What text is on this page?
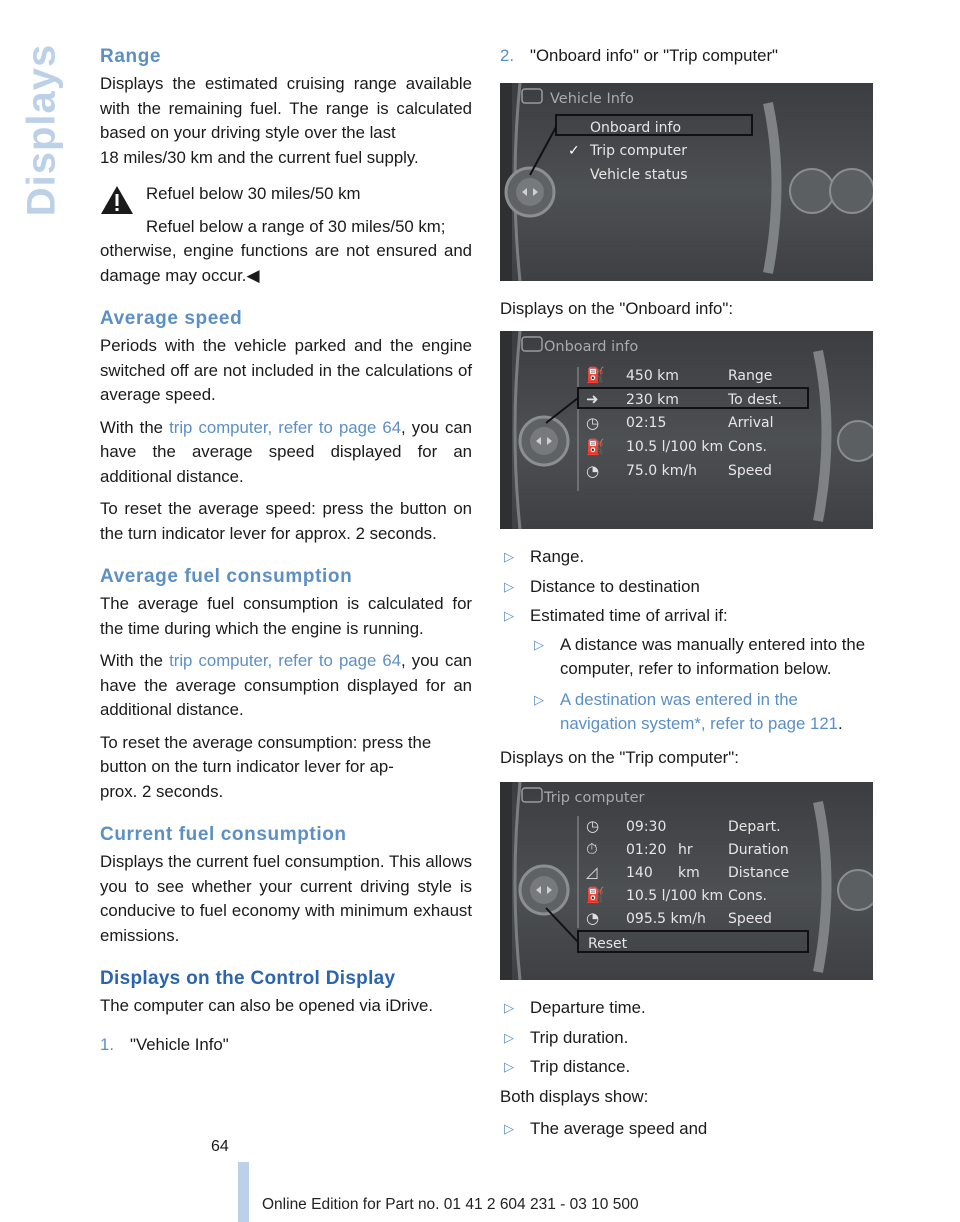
Displays Range

Displays the estimated cruising range available with the remaining fuel. The range is calculated based on your driving style over the last
18 miles/30 km and the current fuel supply.

Refuel below 30 miles/50 km

Refuel below a range of 30 miles/50 km;

otherwise, engine functions are not ensured and damage may occur.◀

Average speed

Periods with the vehicle parked and the engine switched off are not included in the calculations of average speed.

With the trip computer, refer to page 64, you can have the average speed displayed for an additional distance.

To reset the average speed: press the button on the turn indicator lever for approx. 2 seconds.

Average fuel consumption

The average fuel consumption is calculated for the time during which the engine is running.

With the trip computer, refer to page 64, you can have the average consumption displayed for an additional distance.

To reset the average consumption: press the button on the turn indicator lever for ap-
prox. 2 seconds.

Current fuel consumption

Displays the current fuel consumption. This allows you to see whether your current driving style is conducive to fuel economy with minimum exhaust emissions.

Displays on the Control Display

The computer can also be opened via iDrive.

1. "Vehicle Info"
2. "Onboard info" or "Trip computer"
Vehicle Info
Onboard info
✓ Trip computer
Vehicle status

Displays on the "Onboard info":

Onboard info
⛽
➜
◷
⛽
◔
450 km	Range
230 km	To dest.
02:15	Arrival
10.5 l/100 km Cons.
75.0 km/h Speed
▷ Range.
▷ Distance to destination
▷ Estimated time of arrival if:
▷ A distance was manually entered into the computer, refer to information below.
▷ A destination was entered in the navigation system*, refer to page 121.

Displays on the "Trip computer":

Trip computer
◷
⏱
◿
⛽
◔
09:30	Depart.
01:20 hr	Duration
140 km Distance
10.5 l/100 km Cons.
095.5 km/h Speed
Reset
▷ Departure time.
▷ Trip duration.
▷ Trip distance.

Both displays show:

▷ The average speed and
64
Online Edition for Part no. 01 41 2 604 231 - 03 10 500
